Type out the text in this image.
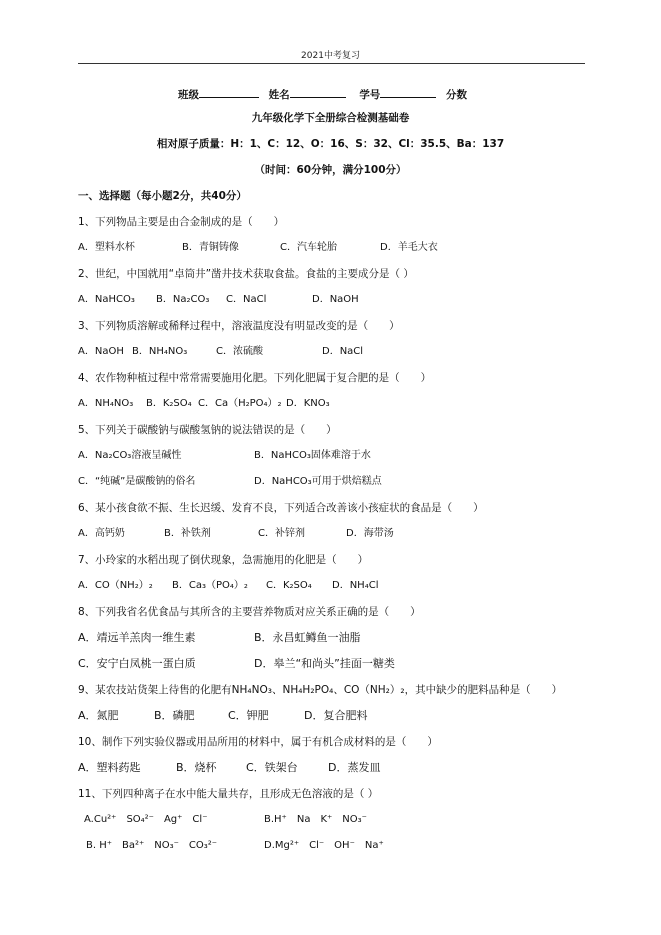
2021中考复习
班级	姓名	学号	分数
九年级化学下全册综合检测基础卷
相对原子质量：H：1、C：12、O：16、S：32、Cl：35.5、Ba：137
（时间：60分钟，满分100分）
一、选择题（每小题2分，共40分）
1、下列物品主要是由合金制成的是（　　）
A．塑料水杯	B．青铜铸像	C．汽车轮胎	D．羊毛大衣
2、世纪，中国就用“卓筒井”凿井技术获取食盐。食盐的主要成分是（ ）
A．NaHCO₃ B．Na₂CO₃ C．NaCl	D．NaOH
3、下列物质溶解或稀释过程中，溶液温度没有明显改变的是（　　）
A．NaOH B．NH₄NO₃	C．浓硫酸	D．NaCl
4、农作物种植过程中常常需要施用化肥。下列化肥属于复合肥的是（　　）
A．NH₄NO₃ B．K₂SO₄ C．Ca（H₂PO₄）₂ D．KNO₃
5、下列关于碳酸钠与碳酸氢钠的说法错误的是（　　）
A．Na₂CO₃溶液呈碱性	B．NaHCO₃固体难溶于水
C．“纯碱”是碳酸钠的俗名	D．NaHCO₃可用于烘焙糕点
6、某小孩食欲不振、生长迟缓、发育不良，下列适合改善该小孩症状的食品是（　　）
A．高钙奶	B．补铁剂	C．补锌剂	D．海带汤
7、小玲家的水稻出现了倒伏现象，急需施用的化肥是（　　）
A．CO（NH₂）₂ B．Ca₃（PO₄）₂ C．K₂SO₄ D．NH₄Cl
8、下列我省名优食品与其所含的主要营养物质对应关系正确的是（　　）
A．靖远羊羔肉一维生素	B．永昌虹鳟鱼一油脂
C．安宁白凤桃一蛋白质	D．皋兰“和尚头”挂面一糖类
9、某农技站货架上待售的化肥有NH₄NO₃、NH₄H₂PO₄、CO（NH₂）₂，其中缺少的肥料品种是（　　）
A．氮肥	B．磷肥	C．钾肥	D．复合肥料
10、制作下列实验仪器或用品所用的材料中，属于有机合成材料的是（　　）
A．塑料药匙	B．烧杯	C．铁架台	D．蒸发皿
11、下列四种离子在水中能大量共存，且形成无色溶液的是（ ）
A.Cu²⁺　SO₄²⁻　Ag⁺　Cl⁻	B.H⁺　Na　K⁺　NO₃⁻
B. H⁺　Ba²⁺　NO₃⁻　CO₃²⁻	D.Mg²⁺　Cl⁻　OH⁻　Na⁺
